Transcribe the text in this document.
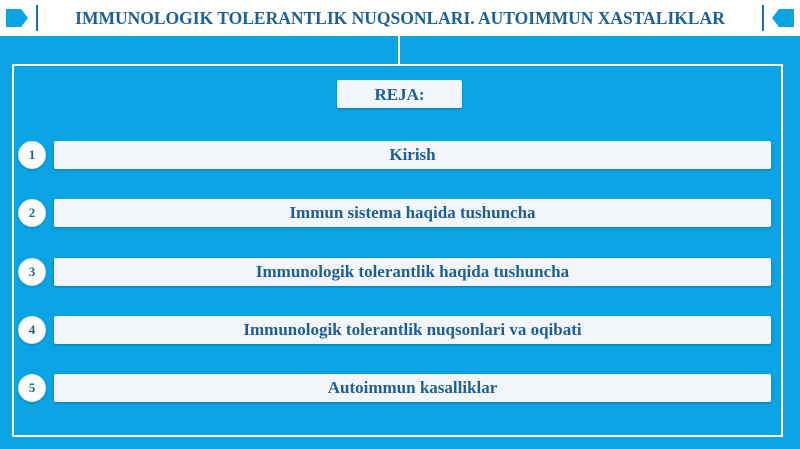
IMMUNOLOGIK TOLERANTLIK NUQSONLARI. AUTOIMMUN XASTALIKLAR
REJA:
1	Kirish
2	Immun sistema haqida tushuncha
3	Immunologik tolerantlik haqida tushuncha
4	Immunologik tolerantlik nuqsonlari va oqibati
5	Autoimmun kasalliklar
